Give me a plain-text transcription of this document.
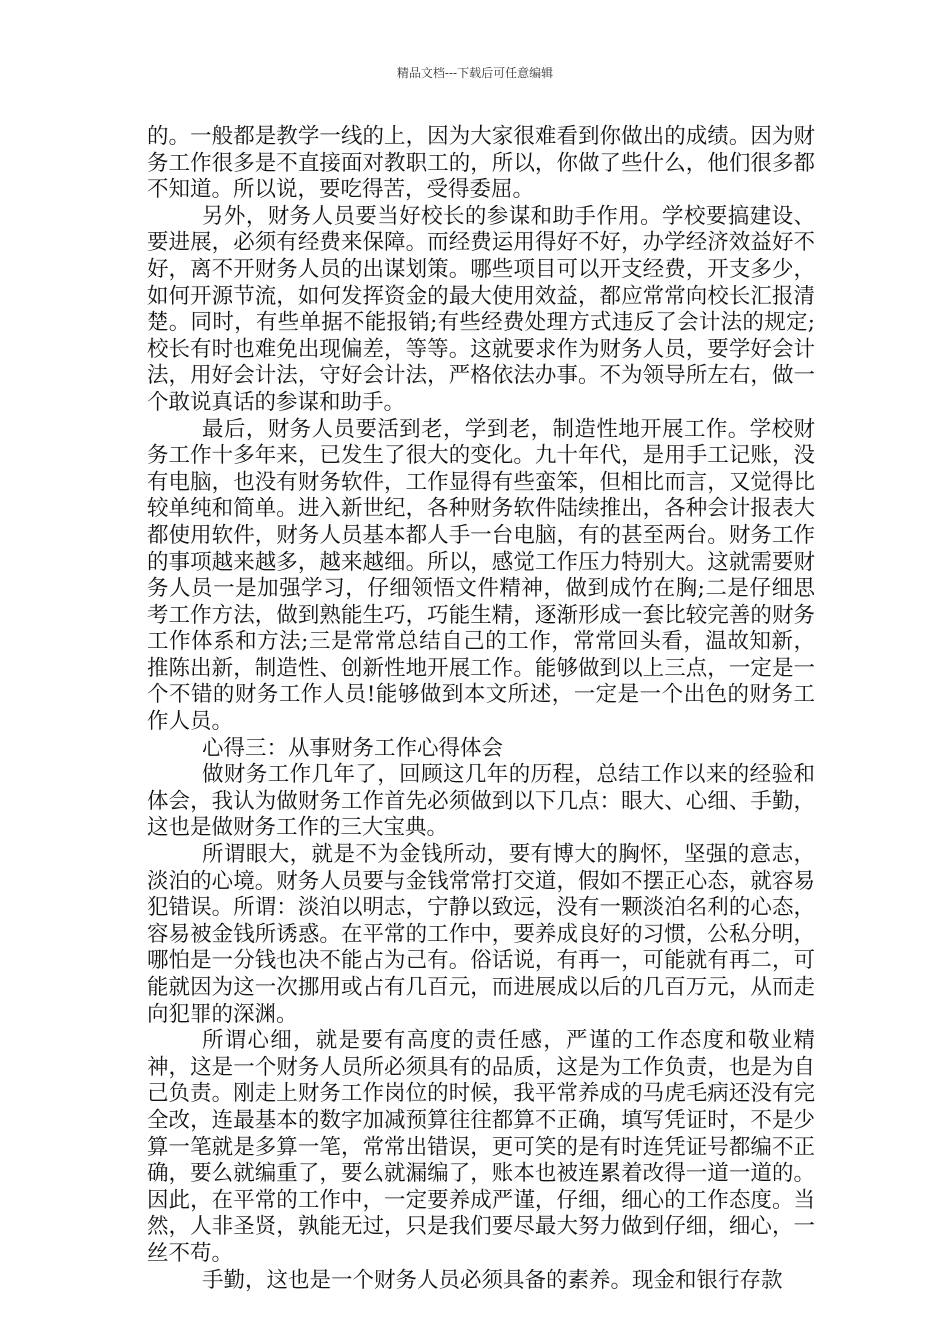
精品文档---下载后可任意编辑

的。一般都是教学一线的上，因为大家很难看到你做出的成绩。因为财务工作很多是不直接面对教职工的，所以，你做了些什么，他们很多都不知道。所以说，要吃得苦，受得委屈。

另外，财务人员要当好校长的参谋和助手作用。学校要搞建设、要进展，必须有经费来保障。而经费运用得好不好，办学经济效益好不好，离不开财务人员的出谋划策。哪些项目可以开支经费，开支多少，如何开源节流，如何发挥资金的最大使用效益，都应常常向校长汇报清楚。同时，有些单据不能报销;有些经费处理方式违反了会计法的规定;校长有时也难免出现偏差，等等。这就要求作为财务人员，要学好会计法，用好会计法，守好会计法，严格依法办事。不为领导所左右，做一个敢说真话的参谋和助手。

最后，财务人员要活到老，学到老，制造性地开展工作。学校财务工作十多年来，已发生了很大的变化。九十年代，是用手工记账，没有电脑，也没有财务软件，工作显得有些蛮笨，但相比而言，又觉得比较单纯和简单。进入新世纪，各种财务软件陆续推出，各种会计报表大都使用软件，财务人员基本都人手一台电脑，有的甚至两台。财务工作的事项越来越多，越来越细。所以，感觉工作压力特别大。这就需要财务人员一是加强学习，仔细领悟文件精神，做到成竹在胸;二是仔细思考工作方法，做到熟能生巧，巧能生精，逐渐形成一套比较完善的财务工作体系和方法;三是常常总结自己的工作，常常回头看，温故知新，推陈出新，制造性、创新性地开展工作。能够做到以上三点，一定是一个不错的财务工作人员!能够做到本文所述，一定是一个出色的财务工作人员。

心得三：从事财务工作心得体会

做财务工作几年了，回顾这几年的历程，总结工作以来的经验和体会，我认为做财务工作首先必须做到以下几点：眼大、心细、手勤，这也是做财务工作的三大宝典。

所谓眼大，就是不为金钱所动，要有博大的胸怀，坚强的意志，淡泊的心境。财务人员要与金钱常常打交道，假如不摆正心态，就容易犯错误。所谓：淡泊以明志，宁静以致远，没有一颗淡泊名利的心态，容易被金钱所诱惑。在平常的工作中，要养成良好的习惯，公私分明，哪怕是一分钱也决不能占为己有。俗话说，有再一，可能就有再二，可能就因为这一次挪用或占有几百元，而进展成以后的几百万元，从而走向犯罪的深渊。

所谓心细，就是要有高度的责任感，严谨的工作态度和敬业精神，这是一个财务人员所必须具有的品质，这是为工作负责，也是为自己负责。刚走上财务工作岗位的时候，我平常养成的马虎毛病还没有完全改，连最基本的数字加减预算往往都算不正确，填写凭证时，不是少算一笔就是多算一笔，常常出错误，更可笑的是有时连凭证号都编不正确，要么就编重了，要么就漏编了，账本也被连累着改得一道一道的。因此，在平常的工作中，一定要养成严谨，仔细，细心的工作态度。当然，人非圣贤，孰能无过，只是我们要尽最大努力做到仔细，细心，一丝不苟。

手勤，这也是一个财务人员必须具备的素养。现金和银行存款
